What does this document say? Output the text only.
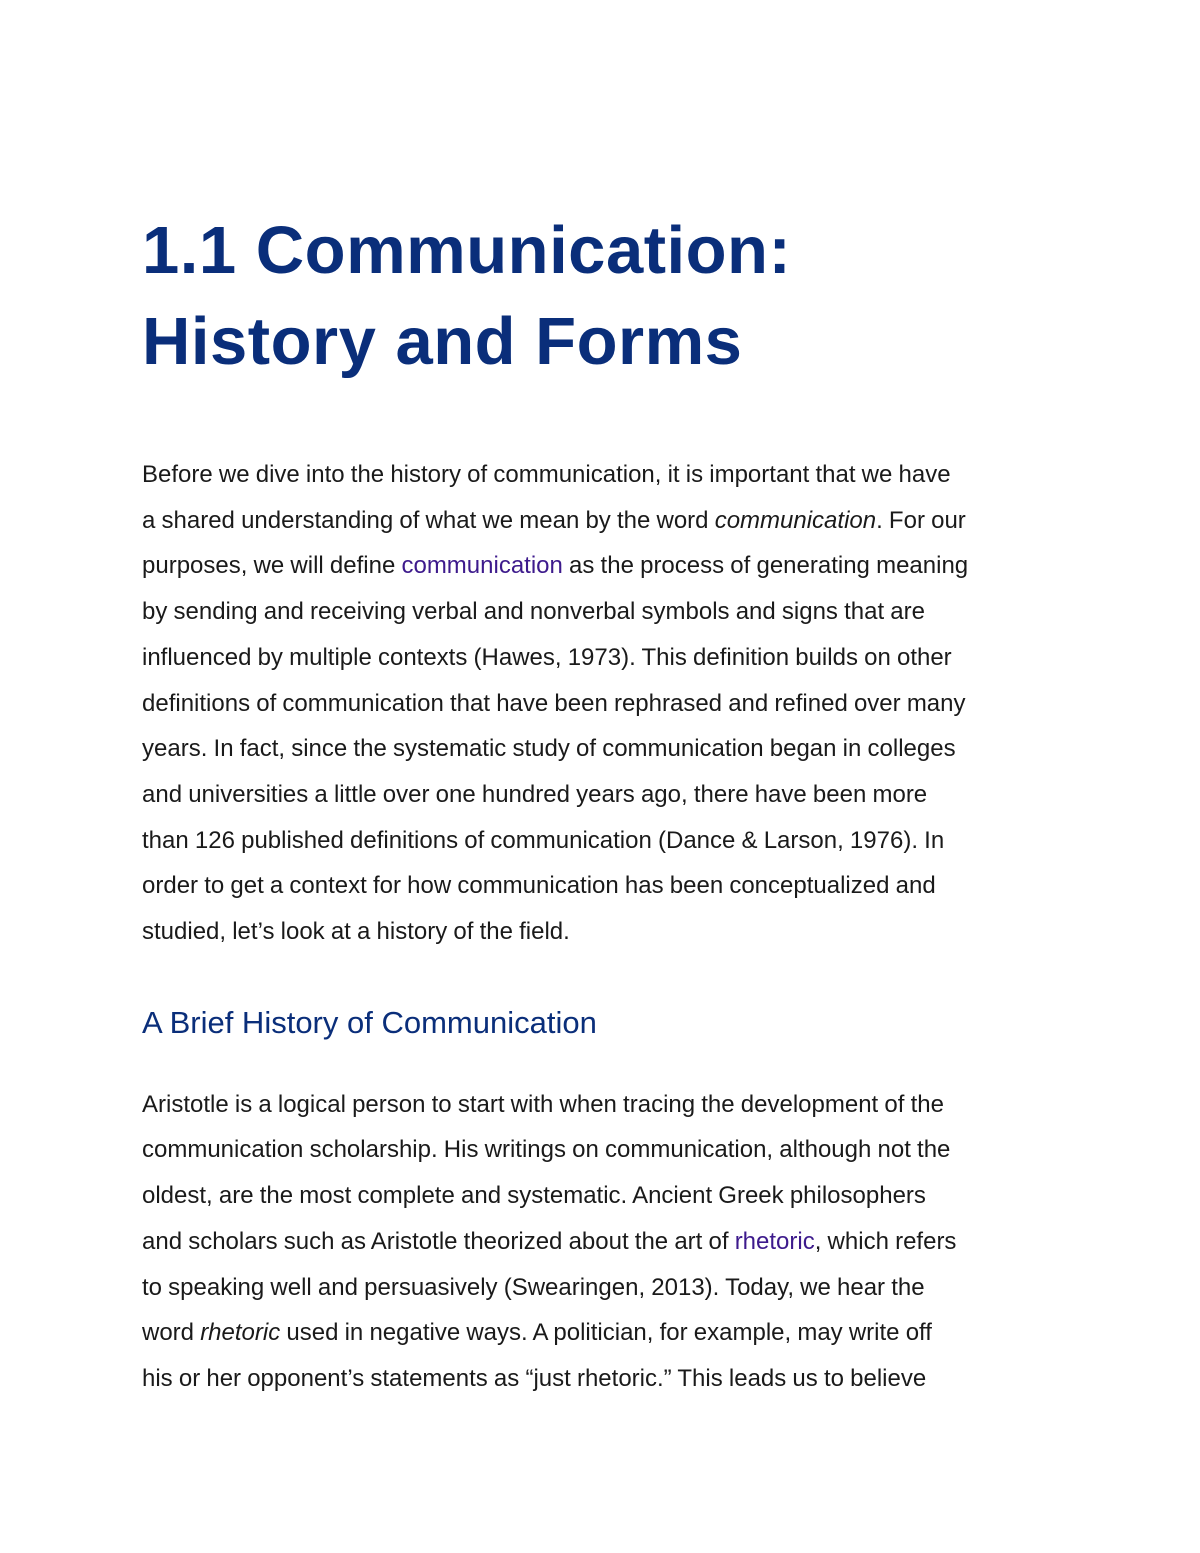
1.1 Communication:
History and Forms

Before we dive into the history of communication, it is important that we have
a shared understanding of what we mean by the word communication. For our
purposes, we will define communication as the process of generating meaning
by sending and receiving verbal and nonverbal symbols and signs that are
influenced by multiple contexts (Hawes, 1973). This definition builds on other
definitions of communication that have been rephrased and refined over many
years. In fact, since the systematic study of communication began in colleges
and universities a little over one hundred years ago, there have been more
than 126 published definitions of communication (Dance & Larson, 1976). In
order to get a context for how communication has been conceptualized and
studied, let’s look at a history of the field.

A Brief History of Communication

Aristotle is a logical person to start with when tracing the development of the
communication scholarship. His writings on communication, although not the
oldest, are the most complete and systematic. Ancient Greek philosophers
and scholars such as Aristotle theorized about the art of rhetoric, which refers
to speaking well and persuasively (Swearingen, 2013). Today, we hear the
word rhetoric used in negative ways. A politician, for example, may write off
his or her opponent’s statements as “just rhetoric.” This leads us to believe
